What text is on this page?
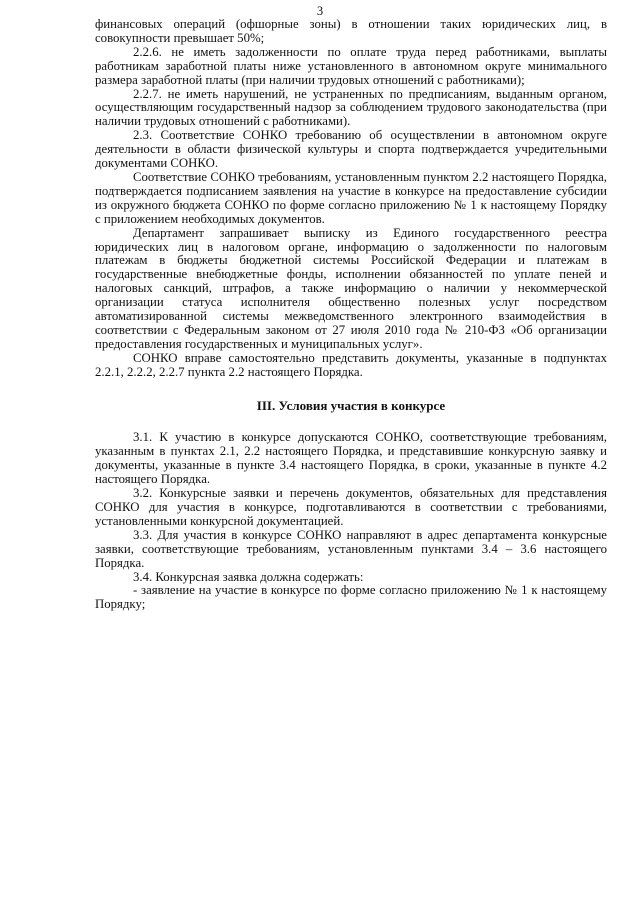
3

финансовых операций (офшорные зоны) в отношении таких юридических лиц, в совокупности превышает 50%;

2.2.6. не иметь задолженности по оплате труда перед работниками, выплаты работникам заработной платы ниже установленного в автономном округе минимального размера заработной платы (при наличии трудовых отношений с работниками);

2.2.7. не иметь нарушений, не устраненных по предписаниям, выданным органом, осуществляющим государственный надзор за соблюдением трудового законодательства (при наличии трудовых отношений с работниками).

2.3. Соответствие СОНКО требованию об осуществлении в автономном округе деятельности в области физической культуры и спорта подтверждается учредительными документами СОНКО.

Соответствие СОНКО требованиям, установленным пунктом 2.2 настоящего Порядка, подтверждается подписанием заявления на участие в конкурсе на предоставление субсидии из окружного бюджета СОНКО по форме согласно приложению № 1 к настоящему Порядку с приложением необходимых документов.

Департамент запрашивает выписку из Единого государственного реестра юридических лиц в налоговом органе, информацию о задолженности по налоговым платежам в бюджеты бюджетной системы Российской Федерации и платежам в государственные внебюджетные фонды, исполнении обязанностей по уплате пеней и налоговых санкций, штрафов, а также информацию о наличии у некоммерческой организации статуса исполнителя общественно полезных услуг посредством автоматизированной системы межведомственного электронного взаимодействия в соответствии с Федеральным законом от 27 июля 2010 года № 210-ФЗ «Об организации предоставления государственных и муниципальных услуг».

СОНКО вправе самостоятельно представить документы, указанные в подпунктах 2.2.1, 2.2.2, 2.2.7 пункта 2.2 настоящего Порядка.

III. Условия участия в конкурсе

3.1. К участию в конкурсе допускаются СОНКО, соответствующие требованиям, указанным в пунктах 2.1, 2.2 настоящего Порядка, и представившие конкурсную заявку и документы, указанные в пункте 3.4 настоящего Порядка, в сроки, указанные в пункте 4.2 настоящего Порядка.

3.2. Конкурсные заявки и перечень документов, обязательных для представления СОНКО для участия в конкурсе, подготавливаются в соответствии с требованиями, установленными конкурсной документацией.

3.3. Для участия в конкурсе СОНКО направляют в адрес департамента конкурсные заявки, соответствующие требованиям, установленным пунктами 3.4 – 3.6 настоящего Порядка.

3.4. Конкурсная заявка должна содержать:

- заявление на участие в конкурсе по форме согласно приложению № 1 к настоящему Порядку;
